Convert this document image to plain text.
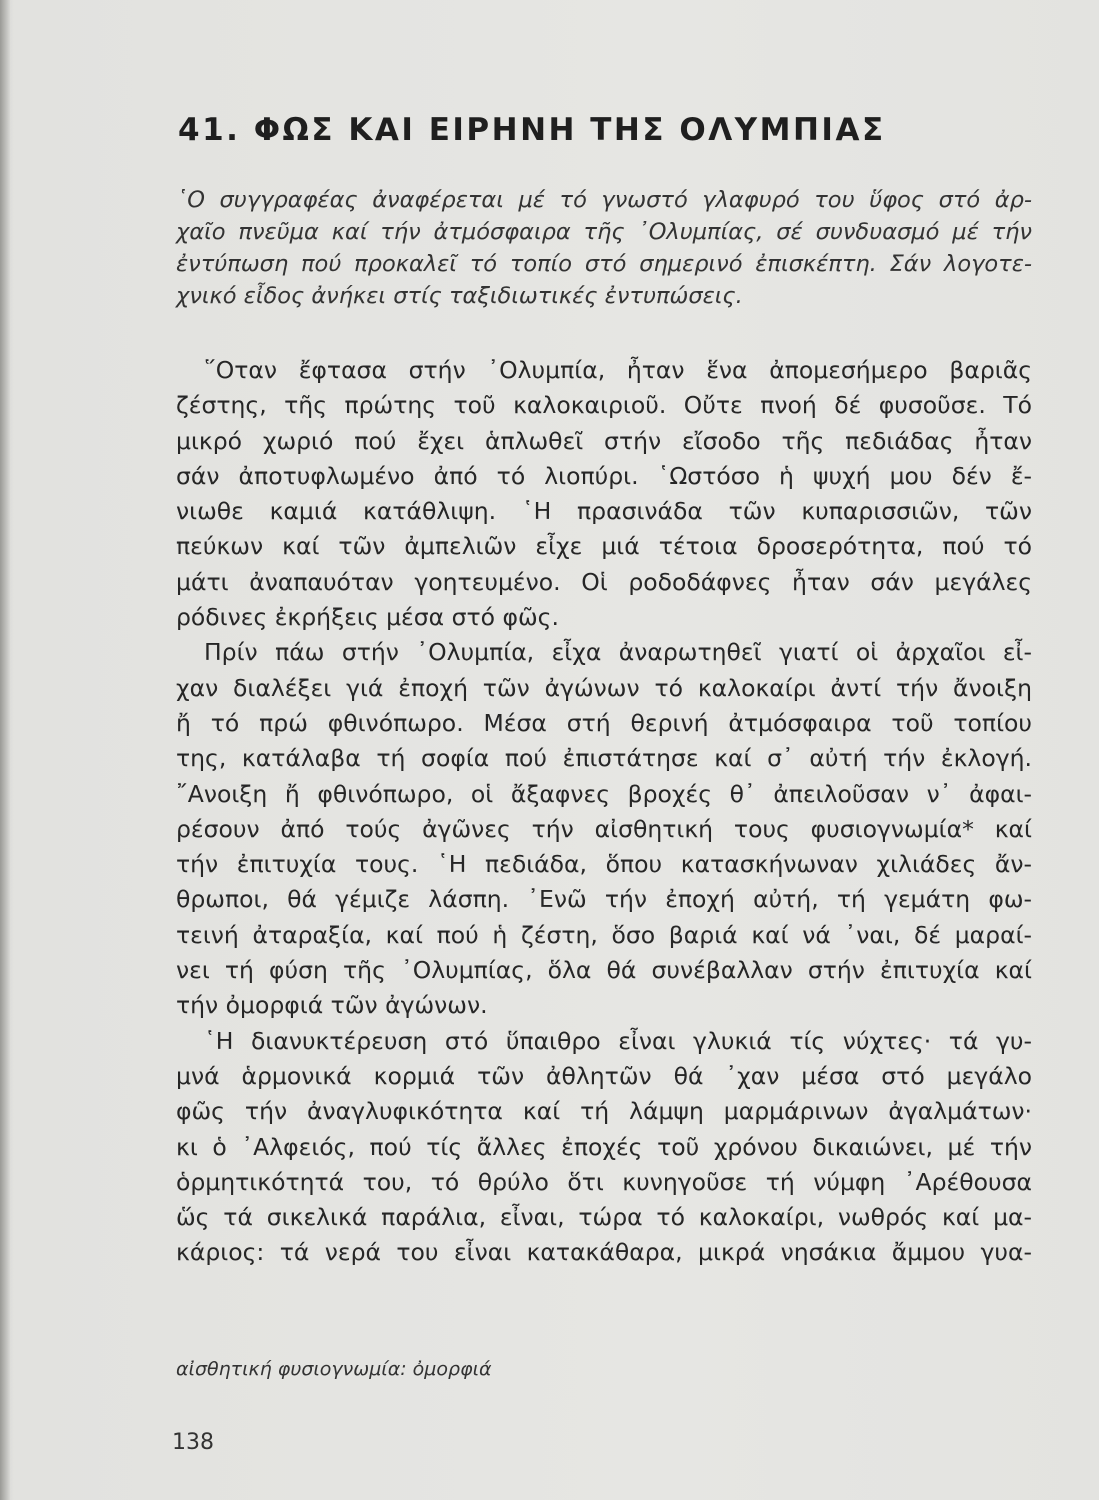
41. ΦΩΣ ΚΑΙ ΕΙΡΗΝΗ ΤΗΣ ΟΛΥΜΠΙΑΣ
῾Ο συγγραφέας ἀναφέρεται μέ τό γνωστό γλαφυρό του ὕφος στό ἀρ-
χαῖο πνεῦμα καί τήν ἀτμόσφαιρα τῆς ᾽Ολυμπίας, σέ συνδυασμό μέ τήν
ἐντύπωση πού προκαλεῖ τό τοπίο στό σημερινό ἐπισκέπτη. Σάν λογοτε-
χνικό εἶδος ἀνήκει στίς ταξιδιωτικές ἐντυπώσεις.
῞Οταν ἔφτασα στήν ᾽Ολυμπία, ἦταν ἕνα ἀπομεσήμερο βαριᾶς
ζέστης, τῆς πρώτης τοῦ καλοκαιριοῦ. Οὔτε πνοή δέ φυσοῦσε. Τό
μικρό χωριό πού ἔχει ἁπλωθεῖ στήν εἴσοδο τῆς πεδιάδας ἦταν
σάν ἀποτυφλωμένο ἀπό τό λιοπύρι. ῾Ωστόσο ἡ ψυχή μου δέν ἔ-
νιωθε καμιά κατάθλιψη. ῾Η πρασινάδα τῶν κυπαρισσιῶν, τῶν
πεύκων καί τῶν ἀμπελιῶν εἶχε μιά τέτοια δροσερότητα, πού τό
μάτι ἀναπαυόταν γοητευμένο. Οἱ ροδοδάφνες ἦταν σάν μεγάλες
ρόδινες ἐκρήξεις μέσα στό φῶς.
Πρίν πάω στήν ᾽Ολυμπία, εἶχα ἀναρωτηθεῖ γιατί οἱ ἀρχαῖοι εἶ-
χαν διαλέξει γιά ἐποχή τῶν ἀγώνων τό καλοκαίρι ἀντί τήν ἄνοιξη
ἤ τό πρώ φθινόπωρο. Μέσα στή θερινή ἀτμόσφαιρα τοῦ τοπίου
της, κατάλαβα τή σοφία πού ἐπιστάτησε καί σ᾽ αὐτή τήν ἐκλογή.
῎Ανοιξη ἤ φθινόπωρο, οἱ ἄξαφνες βροχές θ᾽ ἀπειλοῦσαν ν᾽ ἀφαι-
ρέσουν ἀπό τούς ἀγῶνες τήν αἰσθητική τους φυσιογνωμία* καί
τήν ἐπιτυχία τους. ῾Η πεδιάδα, ὅπου κατασκήνωναν χιλιάδες ἄν-
θρωποι, θά γέμιζε λάσπη. ᾽Ενῶ τήν ἐποχή αὐτή, τή γεμάτη φω-
τεινή ἀταραξία, καί πού ἡ ζέστη, ὅσο βαριά καί νά ᾽ναι, δέ μαραί-
νει τή φύση τῆς ᾽Ολυμπίας, ὅλα θά συνέβαλλαν στήν ἐπιτυχία καί
τήν ὀμορφιά τῶν ἀγώνων.
῾Η διανυκτέρευση στό ὕπαιθρο εἶναι γλυκιά τίς νύχτες· τά γυ-
μνά ἁρμονικά κορμιά τῶν ἀθλητῶν θά ᾽χαν μέσα στό μεγάλο
φῶς τήν ἀναγλυφικότητα καί τή λάμψη μαρμάρινων ἀγαλμάτων·
κι ὁ ᾽Αλφειός, πού τίς ἄλλες ἐποχές τοῦ χρόνου δικαιώνει, μέ τήν
ὁρμητικότητά του, τό θρύλο ὅτι κυνηγοῦσε τή νύμφη ᾽Αρέθουσα
ὥς τά σικελικά παράλια, εἶναι, τώρα τό καλοκαίρι, νωθρός καί μα-
κάριος: τά νερά του εἶναι κατακάθαρα, μικρά νησάκια ἄμμου γυα-
αἰσθητική φυσιογνωμία: ὀμορφιά
138
